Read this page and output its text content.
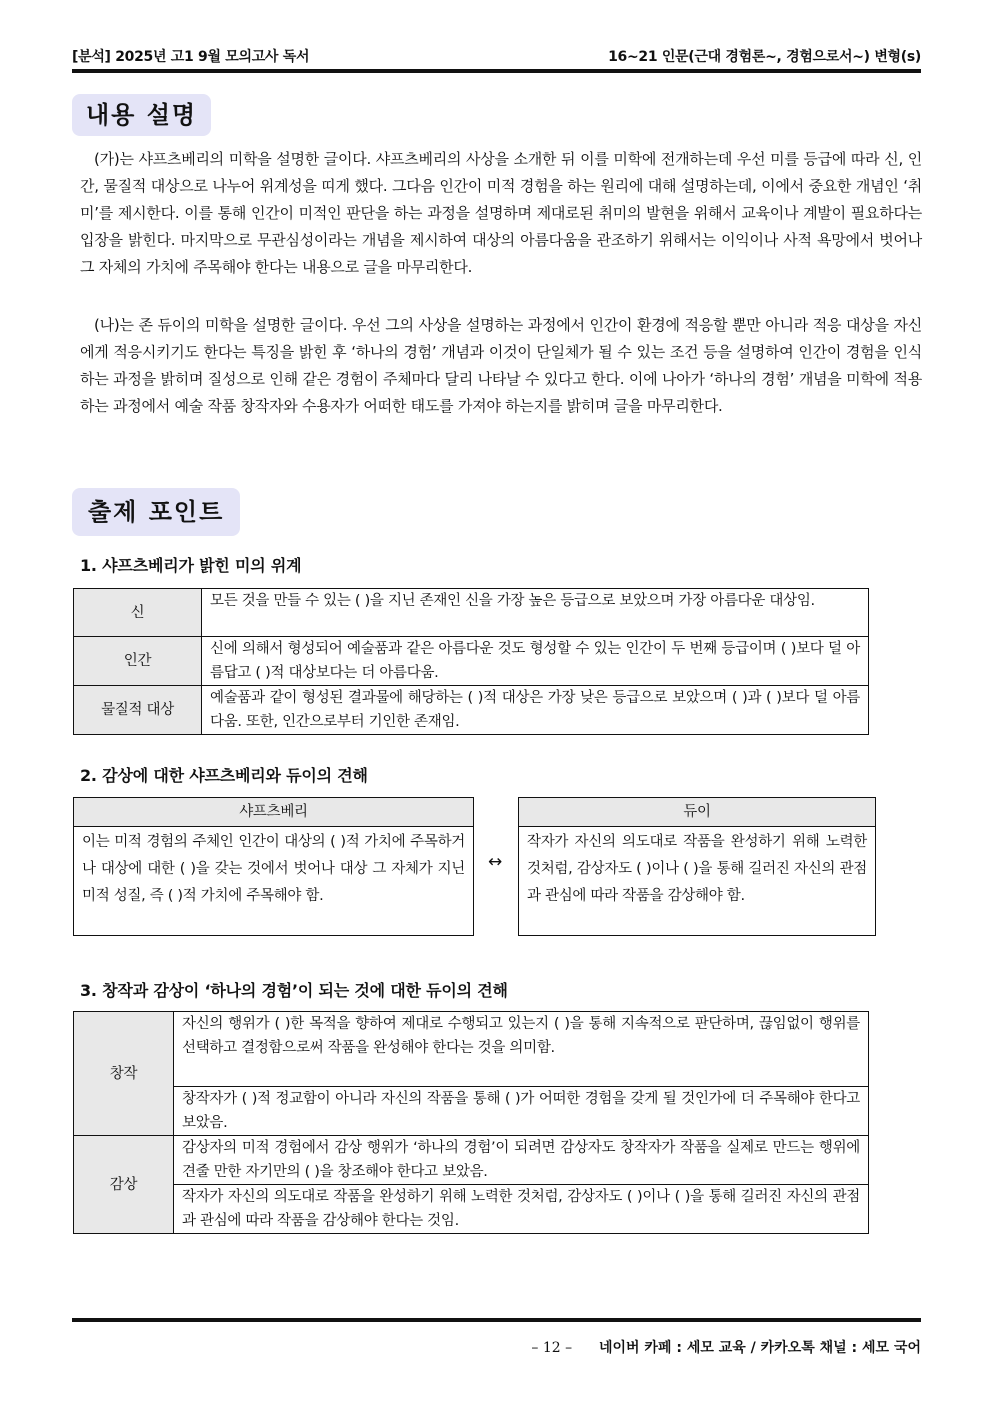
[분석] 2025년 고1 9월 모의고사 독서	16~21 인문(근대 경험론~, 경험으로서~) 변형(s)
내용 설명

(가)는 샤프츠베리의 미학을 설명한 글이다. 샤프츠베리의 사상을 소개한 뒤 이를 미학에 전개하는데 우선 미를 등급에 따라 신, 인간, 물질적 대상으로 나누어 위계성을 띠게 했다. 그다음 인간이 미적 경험을 하는 원리에 대해 설명하는데, 이에서 중요한 개념인 ‘취미’를 제시한다. 이를 통해 인간이 미적인 판단을 하는 과정을 설명하며 제대로된 취미의 발현을 위해서 교육이나 계발이 필요하다는 입장을 밝힌다. 마지막으로 무관심성이라는 개념을 제시하여 대상의 아름다움을 관조하기 위해서는 이익이나 사적 욕망에서 벗어나 그 자체의 가치에 주목해야 한다는 내용으로 글을 마무리한다.

(나)는 존 듀이의 미학을 설명한 글이다. 우선 그의 사상을 설명하는 과정에서 인간이 환경에 적응할 뿐만 아니라 적응 대상을 자신에게 적응시키기도 한다는 특징을 밝힌 후 ‘하나의 경험’ 개념과 이것이 단일체가 될 수 있는 조건 등을 설명하여 인간이 경험을 인식하는 과정을 밝히며 질성으로 인해 같은 경험이 주체마다 달리 나타날 수 있다고 한다. 이에 나아가 ‘하나의 경험’ 개념을 미학에 적용하는 과정에서 예술 작품 창작자와 수용자가 어떠한 태도를 가져야 하는지를 밝히며 글을 마무리한다.

출제 포인트
1. 샤프츠베리가 밝힌 미의 위계
신	모든 것을 만들 수 있는 ( )을 지닌 존재인 신을 가장 높은 등급으로 보았으며 가장 아름다운 대상임.
인간	신에 의해서 형성되어 예술품과 같은 아름다운 것도 형성할 수 있는 인간이 두 번째 등급이며 ( )보다 덜 아름답고 ( )적 대상보다는 더 아름다움.
물질적 대상	예술품과 같이 형성된 결과물에 해당하는 ( )적 대상은 가장 낮은 등급으로 보았으며 ( )과 ( )보다 덜 아름다움. 또한, 인간으로부터 기인한 존재임.
2. 감상에 대한 샤프츠베리와 듀이의 견해
샤프츠베리
이는 미적 경험의 주체인 인간이 대상의 ( )적 가치에 주목하거나 대상에 대한 ( )을 갖는 것에서 벗어나 대상 그 자체가 지닌 미적 성질, 즉 ( )적 가치에 주목해야 함.
↔
듀이
작자가 자신의 의도대로 작품을 완성하기 위해 노력한 것처럼, 감상자도 ( )이나 ( )을 통해 길러진 자신의 관점과 관심에 따라 작품을 감상해야 함.
3. 창작과 감상이 ‘하나의 경험’이 되는 것에 대한 듀이의 견해
창작	자신의 행위가 ( )한 목적을 향하여 제대로 수행되고 있는지 ( )을 통해 지속적으로 판단하며, 끊임없이 행위를 선택하고 결정함으로써 작품을 완성해야 한다는 것을 의미함.
	창작자가 ( )적 정교함이 아니라 자신의 작품을 통해 ( )가 어떠한 경험을 갖게 될 것인가에 더 주목해야 한다고 보았음.
감상	감상자의 미적 경험에서 감상 행위가 ‘하나의 경험’이 되려면 감상자도 창작자가 작품을 실제로 만드는 행위에 견줄 만한 자기만의 ( )을 창조해야 한다고 보았음.
	작자가 자신의 의도대로 작품을 완성하기 위해 노력한 것처럼, 감상자도 ( )이나 ( )을 통해 길러진 자신의 관점과 관심에 따라 작품을 감상해야 한다는 것임.
– 12 – 네이버 카페 : 세모 교육 / 카카오톡 채널 : 세모 국어
